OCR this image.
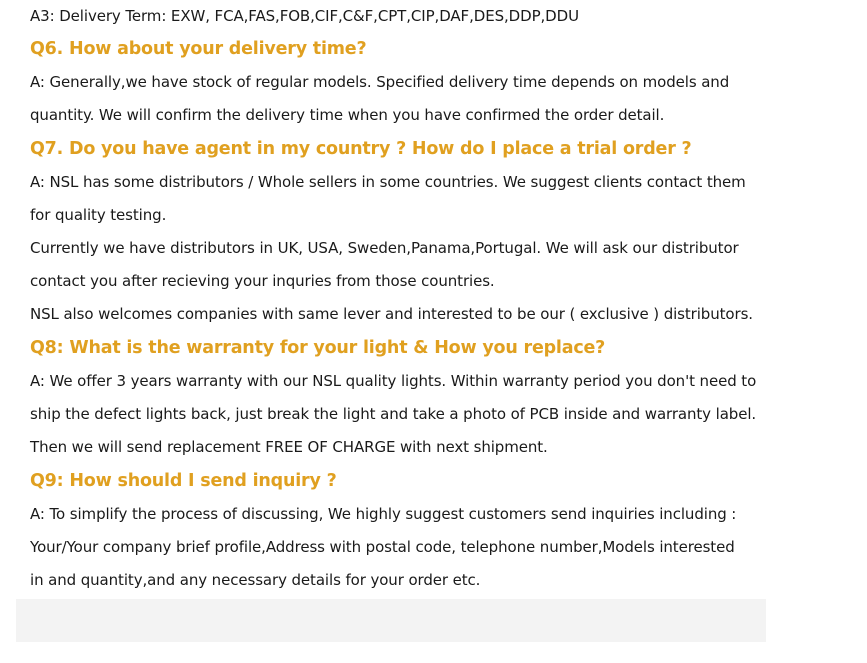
A3: Delivery Term: EXW, FCA,FAS,FOB,CIF,C&F,CPT,CIP,DAF,DES,DDP,DDU
Q6. How about your delivery time?
A: Generally,we have stock of regular models. Specified delivery time depends on models and
quantity. We will confirm the delivery time when you have confirmed the order detail.
Q7. Do you have agent in my country ? How do I place a trial order ?
A: NSL has some distributors / Whole sellers in some countries. We suggest clients contact them
for quality testing.
Currently we have distributors in UK, USA, Sweden,Panama,Portugal. We will ask our distributor
contact you after recieving your inquries from those countries.
NSL also welcomes companies with same lever and interested to be our ( exclusive ) distributors.
Q8: What is the warranty for your light & How you replace?
A: We offer 3 years warranty with our NSL quality lights. Within warranty period you don't need to
ship the defect lights back, just break the light and take a photo of PCB inside and warranty label.
Then we will send replacement FREE OF CHARGE with next shipment.
Q9: How should I send inquiry ?
A: To simplify the process of discussing, We highly suggest customers send inquiries including :
Your/Your company brief profile,Address with postal code, telephone number,Models interested
in and quantity,and any necessary details for your order etc.
